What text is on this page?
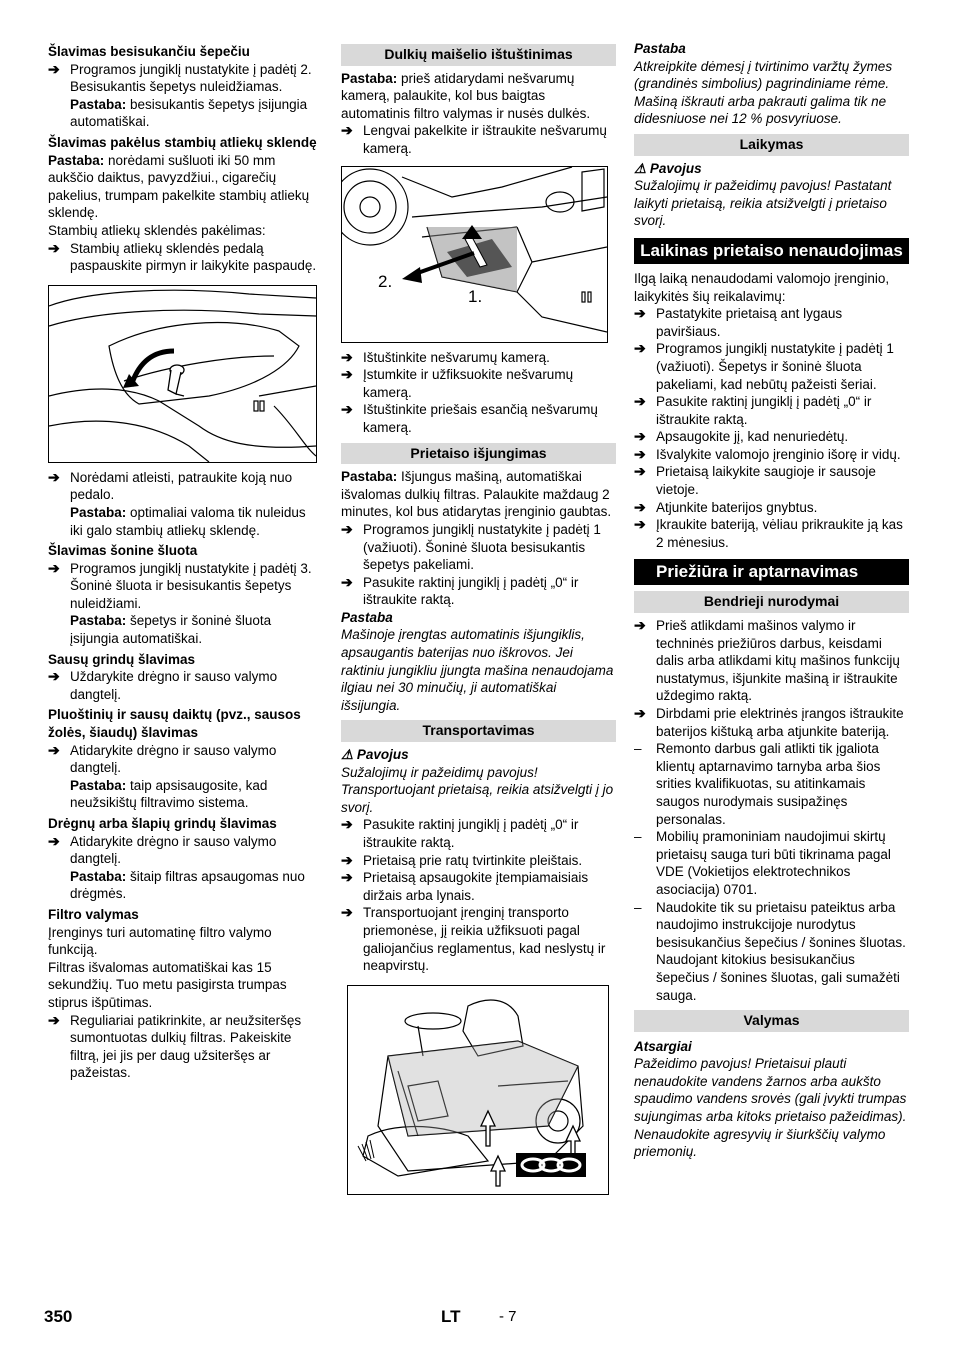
Šlavimas besisukančiu šepečiu
➔ Programos jungiklį nustatykite į padėtį 2. Besisukantis šepetys nuleidžiamas.

Pastaba: besisukantis šepetys įsijungia automatiškai.

Šlavimas pakėlus stambių atliekų sklendę

Pastaba: norėdami sušluoti iki 50 mm aukščio daiktus, pavyzdžiui., cigarečių pakelius, trumpam pakelkite stambių atliekų sklendę.

Stambių atliekų sklendės pakėlimas:

➔ Stambių atliekų sklendės pedalą paspauskite pirmyn ir laikykite paspaudę.
➔ Norėdami atleisti, patraukite koją nuo pedalo.

Pastaba: optimaliai valoma tik nuleidus iki galo stambių atliekų sklendę.

Šlavimas šonine šluota
➔ Programos jungiklį nustatykite į padėtį 3. Šoninė šluota ir besisukantis šepetys nuleidžiami.

Pastaba: šepetys ir šoninė šluota įsijungia automatiškai.

Sausų grindų šlavimas
➔ Uždarykite drėgno ir sauso valymo dangtelį.
Pluoštinių ir sausų daiktų (pvz., sausos žolės, šiaudų) šlavimas
➔ Atidarykite drėgno ir sauso valymo dangtelį.

Pastaba: taip apsisaugosite, kad neužsikištų filtravimo sistema.

Drėgnų arba šlapių grindų šlavimas
➔ Atidarykite drėgno ir sauso valymo dangtelį.

Pastaba: šitaip filtras apsaugomas nuo drėgmės.

Filtro valymas

Įrenginys turi automatinę filtro valymo funkciją.

Filtras išvalomas automatiškai kas 15 sekundžių. Tuo metu pasigirsta trumpas stiprus išpūtimas.

➔ Reguliariai patikrinkite, ar neužsiteršęs sumontuotas dulkių filtras. Pakeiskite filtrą, jei jis per daug užsiteršęs ar pažeistas.
Dulkių maišelio ištuštinimas

Pastaba: prieš atidarydami nešvarumų kamerą, palaukite, kol bus baigtas automatinis filtro valymas ir nusės dulkės.

➔ Lengvai pakelkite ir ištraukite nešvarumų kamerą.
2.
1.
➔ Ištuštinkite nešvarumų kamerą.
➔ Įstumkite ir užfiksuokite nešvarumų kamerą.
➔ Ištuštinkite priešais esančią nešvarumų kamerą.
Prietaiso išjungimas

Pastaba: Išjungus mašiną, automatiškai išvalomas dulkių filtras. Palaukite maždaug 2 minutes, kol bus atidarytas įrenginio gaubtas.

➔ Programos jungiklį nustatykite į padėtį 1 (važiuoti). Šoninė šluota besisukantis šepetys pakeliami.
➔ Pasukite raktinį jungiklį į padėtį „0“ ir ištraukite raktą.

Pastaba

Mašinoje įrengtas automatinis išjungiklis, apsaugantis baterijas nuo iškrovos. Jei raktiniu jungikliu įjungta mašina nenaudojama ilgiau nei 30 minučių, ji automatiškai išsijungia.

Transportavimas

⚠ Pavojus

Sužalojimų ir pažeidimų pavojus! Transportuojant prietaisą, reikia atsižvelgti į jo svorį.

➔ Pasukite raktinį jungiklį į padėtį „0“ ir ištraukite raktą.
➔ Prietaisą prie ratų tvirtinkite pleištais.
➔ Prietaisą apsaugokite įtempiamaisiais diržais arba lynais.
➔ Transportuojant įrenginį transporto priemonėse, jį reikia užfiksuoti pagal galiojančius reglamentus, kad neslystų ir neapvirstų.

Pastaba

Atkreipkite dėmesį į tvirtinimo varžtų žymes (grandinės simbolius) pagrindiniame rėme. Mašiną iškrauti arba pakrauti galima tik ne didesniuose nei 12 % posvyriuose.

Laikymas

⚠ Pavojus

Sužalojimų ir pažeidimų pavojus! Pastatant laikyti prietaisą, reikia atsižvelgti į prietaiso svorį.

Laikinas prietaiso nenaudojimas

Ilgą laiką nenaudodami valomojo įrenginio, laikykitės šių reikalavimų:

➔ Pastatykite prietaisą ant lygaus paviršiaus.
➔ Programos jungiklį nustatykite į padėtį 1 (važiuoti). Šepetys ir šoninė šluota pakeliami, kad nebūtų pažeisti šeriai.
➔ Pasukite raktinį jungiklį į padėtį „0“ ir ištraukite raktą.
➔ Apsaugokite jį, kad nenuriedėtų.
➔ Išvalykite valomojo įrenginio išorę ir vidų.
➔ Prietaisą laikykite saugioje ir sausoje vietoje.
➔ Atjunkite baterijos gnybtus.
➔ Įkraukite bateriją, vėliau prikraukite ją kas 2 mėnesius.
Priežiūra ir aptarnavimas
Bendrieji nurodymai
➔ Prieš atlikdami mašinos valymo ir techninės priežiūros darbus, keisdami dalis arba atlikdami kitų mašinos funkcijų nustatymus, išjunkite mašiną ir ištraukite uždegimo raktą.
➔ Dirbdami prie elektrinės įrangos ištraukite baterijos kištuką arba atjunkite bateriją.
–	Remonto darbus gali atlikti tik įgaliota klientų aptarnavimo tarnyba arba šios srities kvalifikuotas, su atitinkamais saugos nurodymais susipažinęs personalas.
–	Mobilių pramoniniam naudojimui skirtų prietaisų sauga turi būti tikrinama pagal VDE (Vokietijos elektrotechnikos asociacija) 0701.
–	Naudokite tik su prietaisu pateiktus arba naudojimo instrukcijoje nurodytus besisukančius šepečius / šonines šluotas. Naudojant kitokius besisukančius šepečius / šonines šluotas, gali sumažėti sauga.
Valymas

Atsargiai

Pažeidimo pavojus! Prietaisui plauti nenaudokite vandens žarnos arba aukšto spaudimo vandens srovės (gali įvykti trumpas sujungimas arba kitoks prietaiso pažeidimas).

Nenaudokite agresyvių ir šiurkščių valymo priemonių.

350	LT	- 7
